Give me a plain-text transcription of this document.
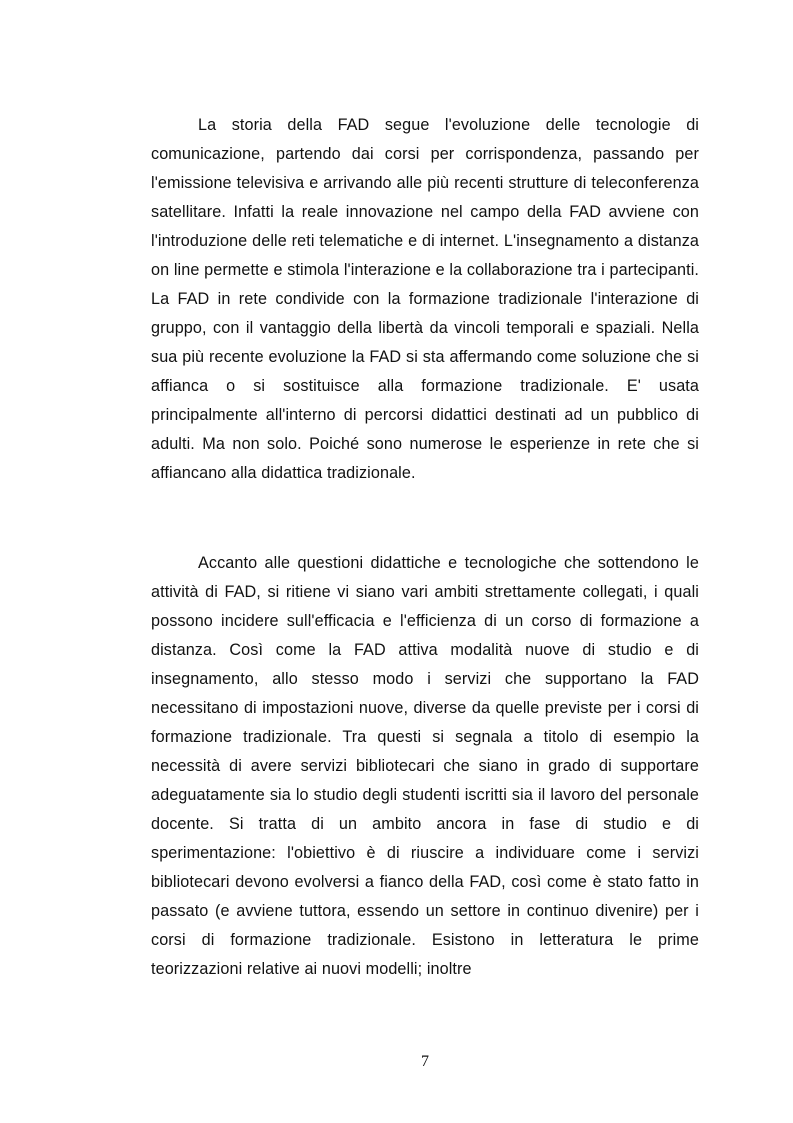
La storia della FAD segue l'evoluzione delle tecnologie di comunicazione, partendo dai corsi per corrispondenza, passando per l'emissione televisiva e arrivando alle più recenti strutture di teleconferenza satellitare. Infatti la reale innovazione nel campo della FAD avviene con l'introduzione delle reti telematiche e di internet. L'insegnamento a distanza on line permette e stimola l'interazione e la collaborazione tra i partecipanti. La FAD in rete condivide con la formazione tradizionale l'interazione di gruppo, con il vantaggio della libertà da vincoli temporali e spaziali. Nella sua più recente evoluzione la FAD si sta affermando come soluzione che si affianca o si sostituisce alla formazione tradizionale. E' usata principalmente all'interno di percorsi didattici destinati ad un pubblico di adulti. Ma non solo. Poiché sono numerose le esperienze in rete che si affiancano alla didattica tradizionale.

Accanto alle questioni didattiche e tecnologiche che sottendono le attività di FAD, si ritiene vi siano vari ambiti strettamente collegati, i quali possono incidere sull'efficacia e l'efficienza di un corso di formazione a distanza. Così come la FAD attiva modalità nuove di studio e di insegnamento, allo stesso modo i servizi che supportano la FAD necessitano di impostazioni nuove, diverse da quelle previste per i corsi di formazione tradizionale. Tra questi si segnala a titolo di esempio la necessità di avere servizi bibliotecari che siano in grado di supportare adeguatamente sia lo studio degli studenti iscritti sia il lavoro del personale docente. Si tratta di un ambito ancora in fase di studio e di sperimentazione: l'obiettivo è di riuscire a individuare come i servizi bibliotecari devono evolversi a fianco della FAD, così come è stato fatto in passato (e avviene tuttora, essendo un settore in continuo divenire) per i corsi di formazione tradizionale. Esistono in letteratura le prime teorizzazioni relative ai nuovi modelli; inoltre

7
